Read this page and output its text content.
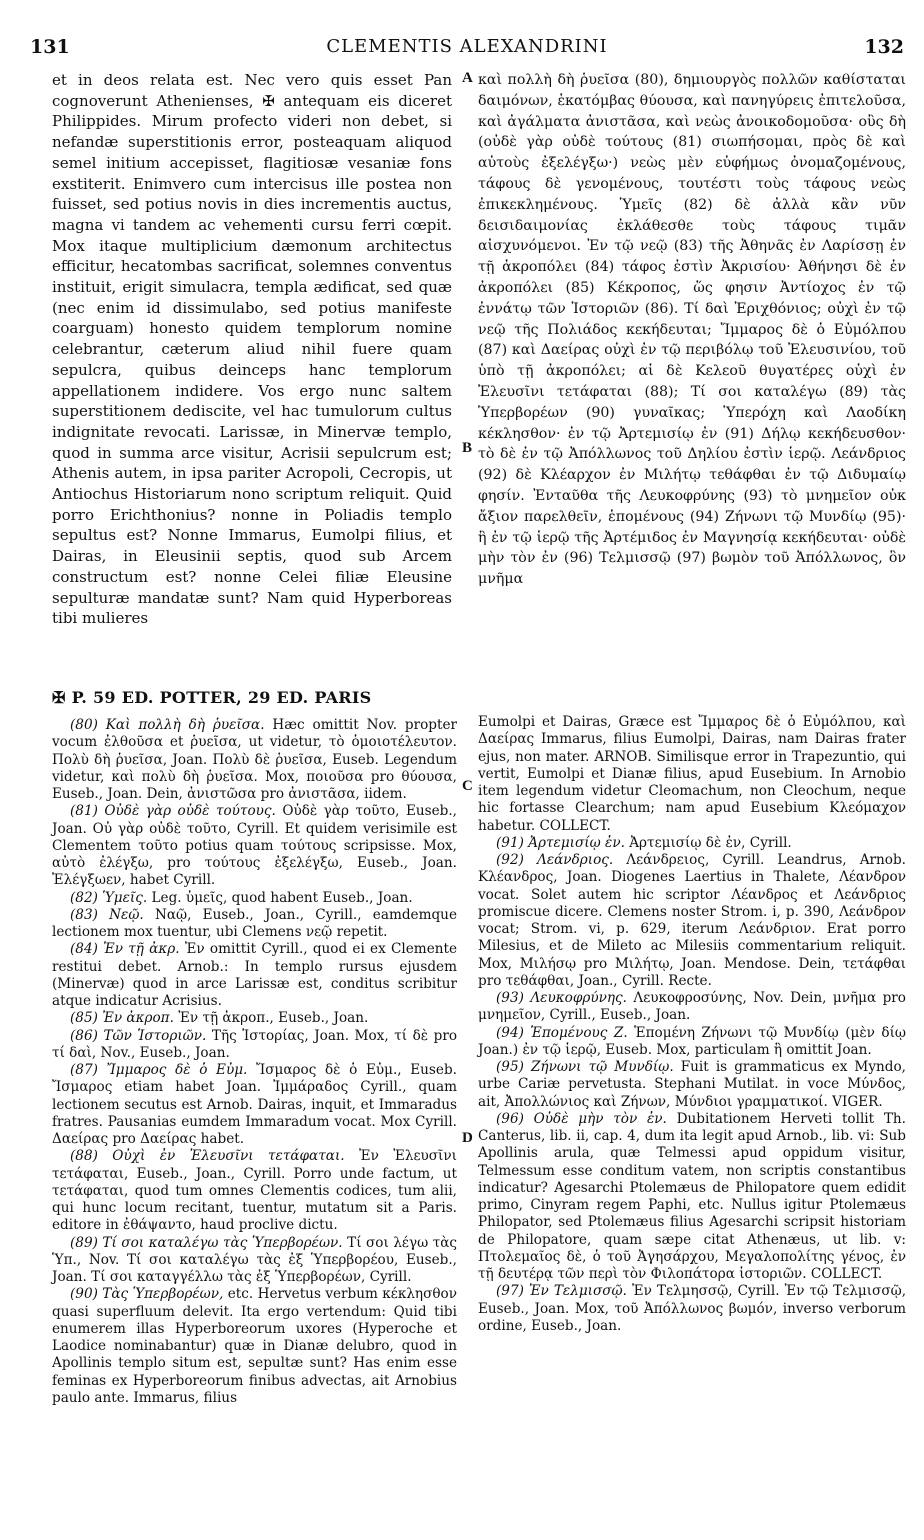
131	CLEMENTIS ALEXANDRINI	132
et in deos relata est. Nec vero quis esset Pan cognoverunt Athenienses, ✠ antequam eis diceret Philippides. Mirum profecto videri non debet, si nefandæ superstitionis error, posteaquam aliquod semel initium accepisset, flagitiosæ vesaniæ fons exstiterit. Enimvero cum intercisus ille postea non fuisset, sed potius novis in dies incrementis auctus, magna vi tandem ac vehementi cursu ferri cœpit. Mox itaque multiplicium dæmonum architectus efficitur, hecatombas sacrificat, solemnes conventus instituit, erigit simulacra, templa ædificat, sed quæ (nec enim id dissimulabo, sed potius manifeste coarguam) honesto quidem templorum nomine celebrantur, cæterum aliud nihil fuere quam sepulcra, quibus deinceps hanc templorum appellationem indidere. Vos ergo nunc saltem superstitionem dediscite, vel hac tumulorum cultus indignitate revocati. Larissæ, in Minervæ templo, quod in summa arce visitur, Acrisii sepulcrum est; Athenis autem, in ipsa pariter Acropoli, Cecropis, ut Antiochus Historiarum nono scriptum reliquit. Quid porro Erichthonius? nonne in Poliadis templo sepultus est? Nonne Immarus, Eumolpi filius, et Dairas, in Eleusinii septis, quod sub Arcem constructum est? nonne Celei filiæ Eleusine sepulturæ mandatæ sunt? Nam quid Hyperboreas tibi mulieres
καὶ πολλὴ δὴ ῥυεῖσα (80), δημιουργὸς πολλῶν καθίσταται δαιμόνων, ἑκατόμβας θύουσα, καὶ πανηγύρεις ἐπιτελοῦσα, καὶ ἀγάλματα ἀνιστᾶσα, καὶ νεὼς ἀνοικοδομοῦσα· οὓς δὴ (οὐδὲ γὰρ οὐδὲ τούτους (81) σιωπήσομαι, πρὸς δὲ καὶ αὐτοὺς ἐξελέγξω·) νεὼς μὲν εὐφήμως ὀνομαζομένους, τάφους δὲ γενομένους, τουτέστι τοὺς τάφους νεὼς ἐπικεκλημένους. Ὑμεῖς (82) δὲ ἀλλὰ κἂν νῦν δεισιδαιμονίας ἐκλάθεσθε τοὺς τάφους τιμᾶν αἰσχυνόμενοι. Ἐν τῷ νεῷ (83) τῆς Ἀθηνᾶς ἐν Λαρίσσῃ ἐν τῇ ἀκροπόλει (84) τάφος ἐστὶν Ἀκρισίου· Ἀθήνησι δὲ ἐν ἀκροπόλει (85) Κέκροπος, ὥς φησιν Ἀντίοχος ἐν τῷ ἐννάτῳ τῶν Ἱστοριῶν (86). Τί δαὶ Ἐριχθόνιος; οὐχὶ ἐν τῷ νεῷ τῆς Πολιάδος κεκήδευται; Ἴμμαρος δὲ ὁ Εὐμόλπου (87) καὶ Δαείρας οὐχὶ ἐν τῷ περιβόλῳ τοῦ Ἐλευσινίου, τοῦ ὑπὸ τῇ ἀκροπόλει; αἱ δὲ Κελεοῦ θυγατέρες οὐχὶ ἐν Ἐλευσῖνι τετάφαται (88); Τί σοι καταλέγω (89) τὰς Ὑπερβορέων (90) γυναῖκας; Ὑπερόχη καὶ Λαοδίκη κέκλησθον· ἐν τῷ Ἀρτεμισίῳ ἐν (91) Δήλῳ κεκήδευσθον· τὸ δὲ ἐν τῷ Ἀπόλλωνος τοῦ Δηλίου ἐστὶν ἱερῷ. Λεάνδριος (92) δὲ Κλέαρχον ἐν Μιλήτῳ τεθάφθαι ἐν τῷ Διδυμαίῳ φησίν. Ἐνταῦθα τῆς Λευκοφρύνης (93) τὸ μνημεῖον οὐκ ἄξιον παρελθεῖν, ἑπομένους (94) Ζήνωνι τῷ Μυνδίῳ (95)· ἣ ἐν τῷ ἱερῷ τῆς Ἀρτέμιδος ἐν Μαγνησίᾳ κεκήδευται· οὐδὲ μὴν τὸν ἐν (96) Τελμισσῷ (97) βωμὸν τοῦ Ἀπόλλωνος, ὃν μνῆμα
A
B
C
D
✠ P. 59 ED. POTTER, 29 ED. PARIS

(80) Καὶ πολλὴ δὴ ῥυεῖσα. Hæc omittit Nov. propter vocum ἐλθοῦσα et ῥυεῖσα, ut videtur, τὸ ὁμοιοτέλευτον. Πολὺ δὴ ῥυεῖσα, Joan. Πολὺ δὲ ῥυεῖσα, Euseb. Legendum videtur, καὶ πολὺ δὴ ῥυεῖσα. Mox, ποιοῦσα pro θύουσα, Euseb., Joan. Dein, ἀνιστῶσα pro ἀνιστᾶσα, iidem.

(81) Οὐδὲ γὰρ οὐδὲ τούτους. Οὐδὲ γὰρ τοῦτο, Euseb., Joan. Οὐ γὰρ οὐδὲ τοῦτο, Cyrill. Et quidem verisimile est Clementem τοῦτο potius quam τούτους scripsisse. Mox, αὐτὸ ἐλέγξω, pro τούτους ἐξελέγξω, Euseb., Joan. Ἐλέγξωεν, habet Cyrill.

(82) Ὑμεῖς. Leg. ὑμεῖς, quod habent Euseb., Joan.

(83) Νεῷ. Ναῷ, Euseb., Joan., Cyrill., eamdemque lectionem mox tuentur, ubi Clemens νεῷ repetit.

(84) Ἐν τῇ ἀκρ. Ἐν omittit Cyrill., quod ei ex Clemente restitui debet. Arnob.: In templo rursus ejusdem (Minervæ) quod in arce Larissæ est, conditus scribitur atque indicatur Acrisius.

(85) Ἐν ἀκροπ. Ἐν τῇ ἀκροπ., Euseb., Joan.

(86) Τῶν Ἱστοριῶν. Τῆς Ἱστορίας, Joan. Mox, τί δὲ pro τί δαὶ, Nov., Euseb., Joan.

(87) Ἴμμαρος δὲ ὁ Εὐμ. Ἴσμαρος δὲ ὁ Εὐμ., Euseb. Ἴσμαρος etiam habet Joan. Ἰμμάραδος Cyrill., quam lectionem secutus est Arnob. Dairas, inquit, et Immaradus fratres. Pausanias eumdem Immaradum vocat. Mox Cyrill. Δαείρας pro Δαείρας habet.

(88) Οὐχὶ ἐν Ἐλευσῖνι τετάφαται. Ἐν Ἐλευσῖνι τετάφαται, Euseb., Joan., Cyrill. Porro unde factum, ut τετάφαται, quod tum omnes Clementis codices, tum alii, qui hunc locum recitant, tuentur, mutatum sit a Paris. editore in ἐθάψαντο, haud proclive dictu.

(89) Τί σοι καταλέγω τὰς Ὑπερβορέων. Τί σοι λέγω τὰς Ὑπ., Nov. Τί σοι καταλέγω τὰς ἐξ Ὑπερβορέου, Euseb., Joan. Τί σοι καταγγέλλω τὰς ἐξ Ὑπερβορέων, Cyrill.

(90) Τὰς Ὑπερβορέων, etc. Hervetus verbum κέκλησθον quasi superfluum delevit. Ita ergo vertendum: Quid tibi enumerem illas Hyperboreorum uxores (Hyperoche et Laodice nominabantur) quæ in Dianæ delubro, quod in Apollinis templo situm est, sepultæ sunt? Has enim esse feminas ex Hyperboreorum finibus advectas, ait Arnobius paulo ante. Immarus, filius

Eumolpi et Dairas, Græce est Ἴμμαρος δὲ ὁ Εὐμόλπου, καὶ Δαείρας Immarus, filius Eumolpi, Dairas, nam Dairas frater ejus, non mater. ARNOB. Similisque error in Trapezuntio, qui vertit, Eumolpi et Dianæ filius, apud Eusebium. In Arnobio item legendum videtur Cleomachum, non Cleochum, neque hic fortasse Clearchum; nam apud Eusebium Κλεόμαχον habetur. COLLECT.

(91) Ἀρτεμισίῳ ἐν. Ἀρτεμισίῳ δὲ ἐν, Cyrill.

(92) Λεάνδριος. Λεάνδρειος, Cyrill. Leandrus, Arnob. Κλέανδρος, Joan. Diogenes Laertius in Thalete, Λέανδρον vocat. Solet autem hic scriptor Λέανδρος et Λεάνδριος promiscue dicere. Clemens noster Strom. i, p. 390, Λεάνδρον vocat; Strom. vi, p. 629, iterum Λεάνδριον. Erat porro Milesius, et de Mileto ac Milesiis commentarium reliquit. Mox, Μιλήσῳ pro Μιλήτῳ, Joan. Mendose. Dein, τετάφθαι pro τεθάφθαι, Joan., Cyrill. Recte.

(93) Λευκοφρύνης. Λευκοφροσύνης, Nov. Dein, μνῆμα pro μνημεῖον, Cyrill., Euseb., Joan.

(94) Ἑπομένους Ζ. Ἑπομένη Ζήνωνι τῷ Μυνδίῳ (μὲν δίῳ Joan.) ἐν τῷ ἱερῷ, Euseb. Mox, particulam ἣ omittit Joan.

(95) Ζήνωνι τῷ Μυνδίῳ. Fuit is grammaticus ex Myndo, urbe Cariæ pervetusta. Stephani Mutilat. in voce Μύνδος, ait, Ἀπολλώνιος καὶ Ζήνων, Μύνδιοι γραμματικοί. VIGER.

(96) Οὐδὲ μὴν τὸν ἐν. Dubitationem Herveti tollit Th. Canterus, lib. ii, cap. 4, dum ita legit apud Arnob., lib. vi: Sub Apollinis arula, quæ Telmessi apud oppidum visitur, Telmessum esse conditum vatem, non scriptis constantibus indicatur? Agesarchi Ptolemæus de Philopatore quem edidit primo, Cinyram regem Paphi, etc. Nullus igitur Ptolemæus Philopator, sed Ptolemæus filius Agesarchi scripsit historiam de Philopatore, quam sæpe citat Athenæus, ut lib. v: Πτολεμαῖος δὲ, ὁ τοῦ Ἀγησάρχου, Μεγαλοπολίτης γένος, ἐν τῇ δευτέρᾳ τῶν περὶ τὸν Φιλοπάτορα ἱστοριῶν. COLLECT.

(97) Ἐν Τελμισσῷ. Ἐν Τελμησσῷ, Cyrill. Ἐν τῷ Τελμισσῷ, Euseb., Joan. Mox, τοῦ Ἀπόλλωνος βωμόν, inverso verborum ordine, Euseb., Joan.
